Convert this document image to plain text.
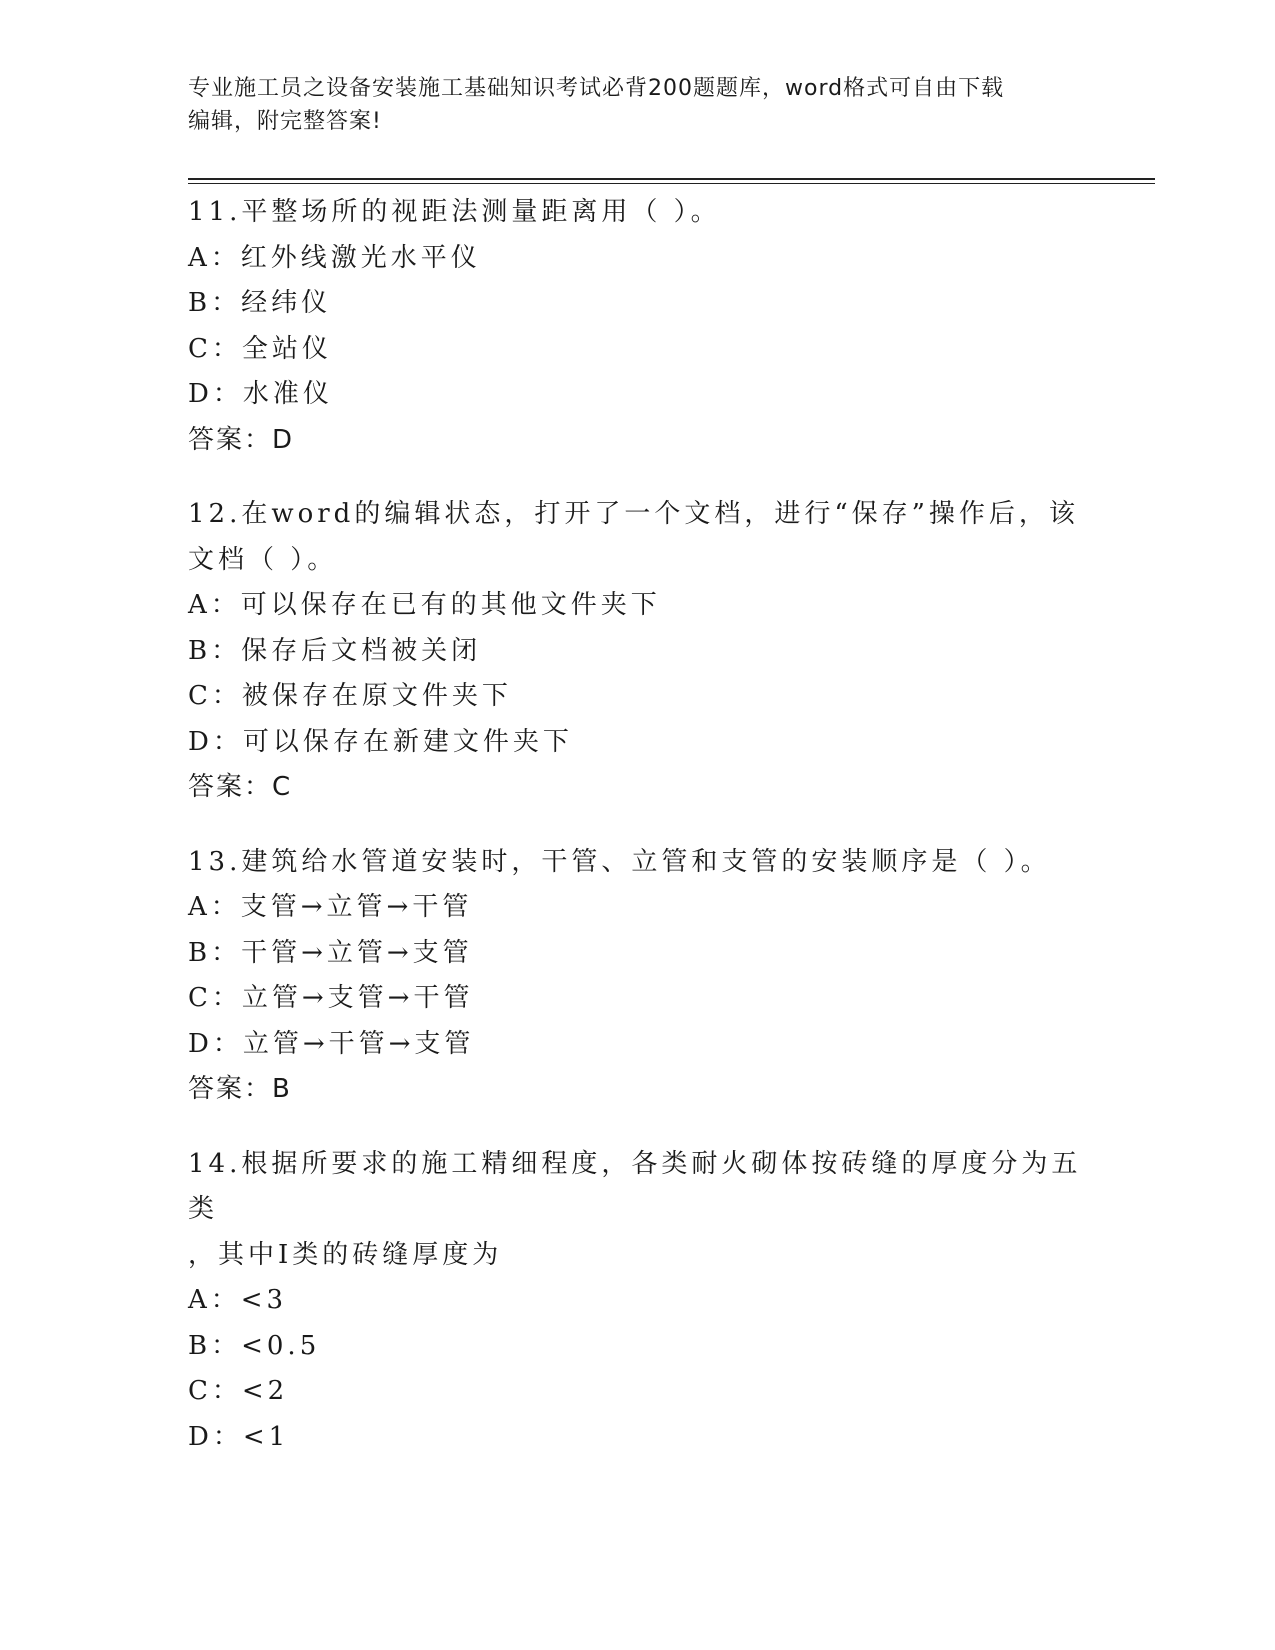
专业施工员之设备安装施工基础知识考试必背200题题库，word格式可自由下载
编辑，附完整答案!
11.平整场所的视距法测量距离用（ ）。
A：红外线激光水平仪
B：经纬仪
C：全站仪
D：水准仪
答案：D
12.在word的编辑状态，打开了一个文档，进行“保存”操作后，该
文档（ ）。
A：可以保存在已有的其他文件夹下
B：保存后文档被关闭
C：被保存在原文件夹下
D：可以保存在新建文件夹下
答案：C
13.建筑给水管道安装时，干管、立管和支管的安装顺序是（ ）。
A：支管→立管→干管
B：干管→立管→支管
C：立管→支管→干管
D：立管→干管→支管
答案：B
14.根据所要求的施工精细程度，各类耐火砌体按砖缝的厚度分为五类
，其中Ⅰ类的砖缝厚度为
A：<3
B：<0.5
C：<2
D：<1
